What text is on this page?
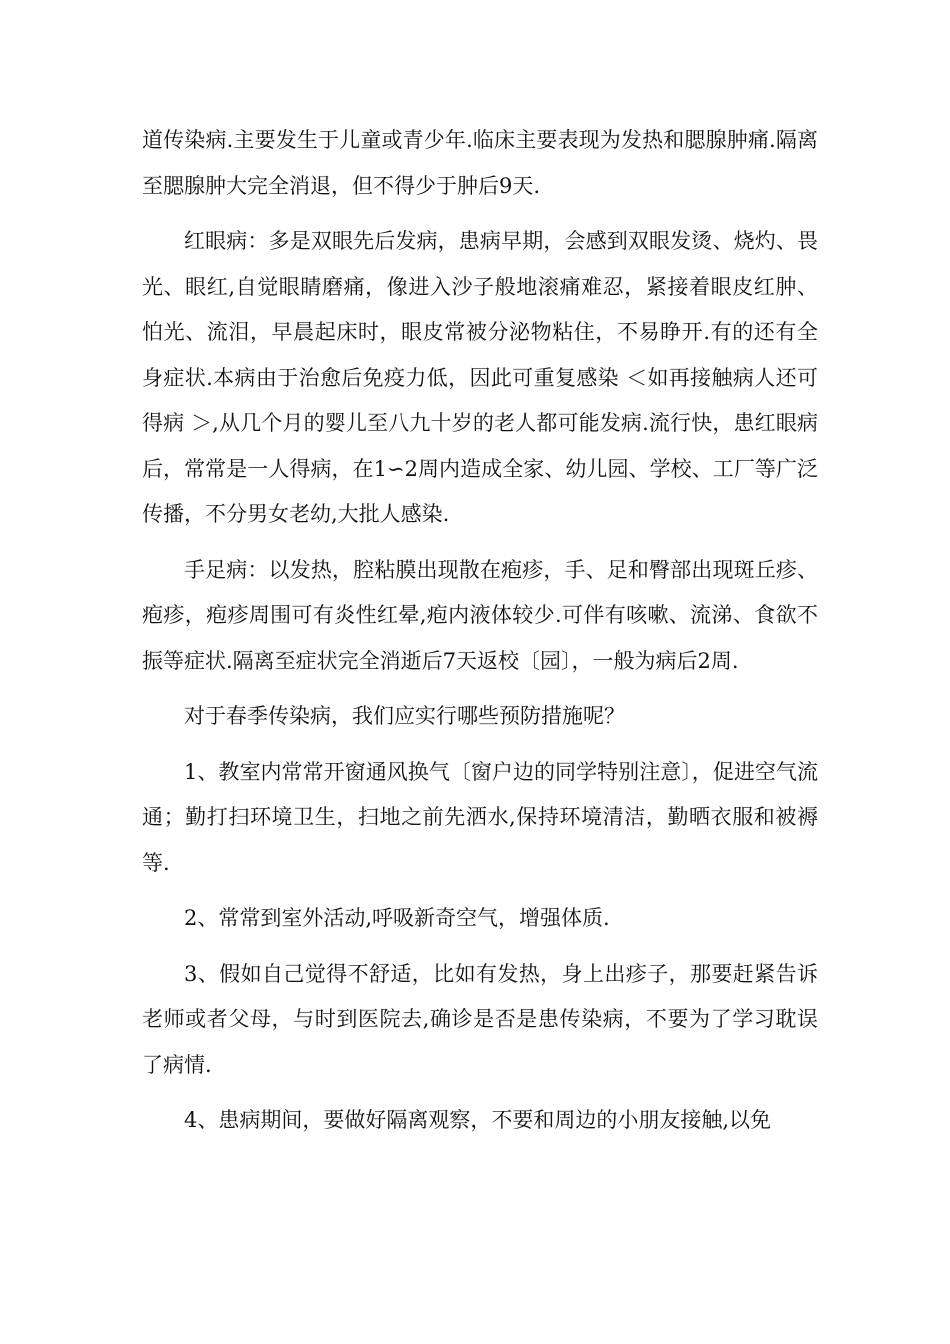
道传染病.主要发生于儿童或青少年.临床主要表现为发热和腮腺肿痛.隔离至腮腺肿大完全消退，但不得少于肿后9天.

红眼病：多是双眼先后发病，患病早期，会感到双眼发烫、烧灼、畏光、眼红,自觉眼睛磨痛，像进入沙子般地滚痛难忍，紧接着眼皮红肿、怕光、流泪，早晨起床时，眼皮常被分泌物粘住，不易睁开.有的还有全身症状.本病由于治愈后免疫力低，因此可重复感染 ＜如再接触病人还可得病 ＞,从几个月的婴儿至八九十岁的老人都可能发病.流行快，患红眼病后，常常是一人得病，在1∽2周内造成全家、幼儿园、学校、工厂等广泛传播，不分男女老幼,大批人感染.

手足病：以发热，腔粘膜出现散在疱疹，手、足和臀部出现斑丘疹、疱疹，疱疹周围可有炎性红晕,疱内液体较少.可伴有咳嗽、流涕、食欲不振等症状.隔离至症状完全消逝后7天返校〔园〕，一般为病后2周.

对于春季传染病，我们应实行哪些预防措施呢？

1、教室内常常开窗通风换气〔窗户边的同学特别注意〕，促进空气流通；勤打扫环境卫生，扫地之前先洒水,保持环境清洁，勤晒衣服和被褥等.

2、常常到室外活动,呼吸新奇空气，增强体质.

3、假如自己觉得不舒适，比如有发热，身上出疹子，那要赶紧告诉老师或者父母，与时到医院去,确诊是否是患传染病，不要为了学习耽误了病情.

4、患病期间，要做好隔离观察，不要和周边的小朋友接触,以免
